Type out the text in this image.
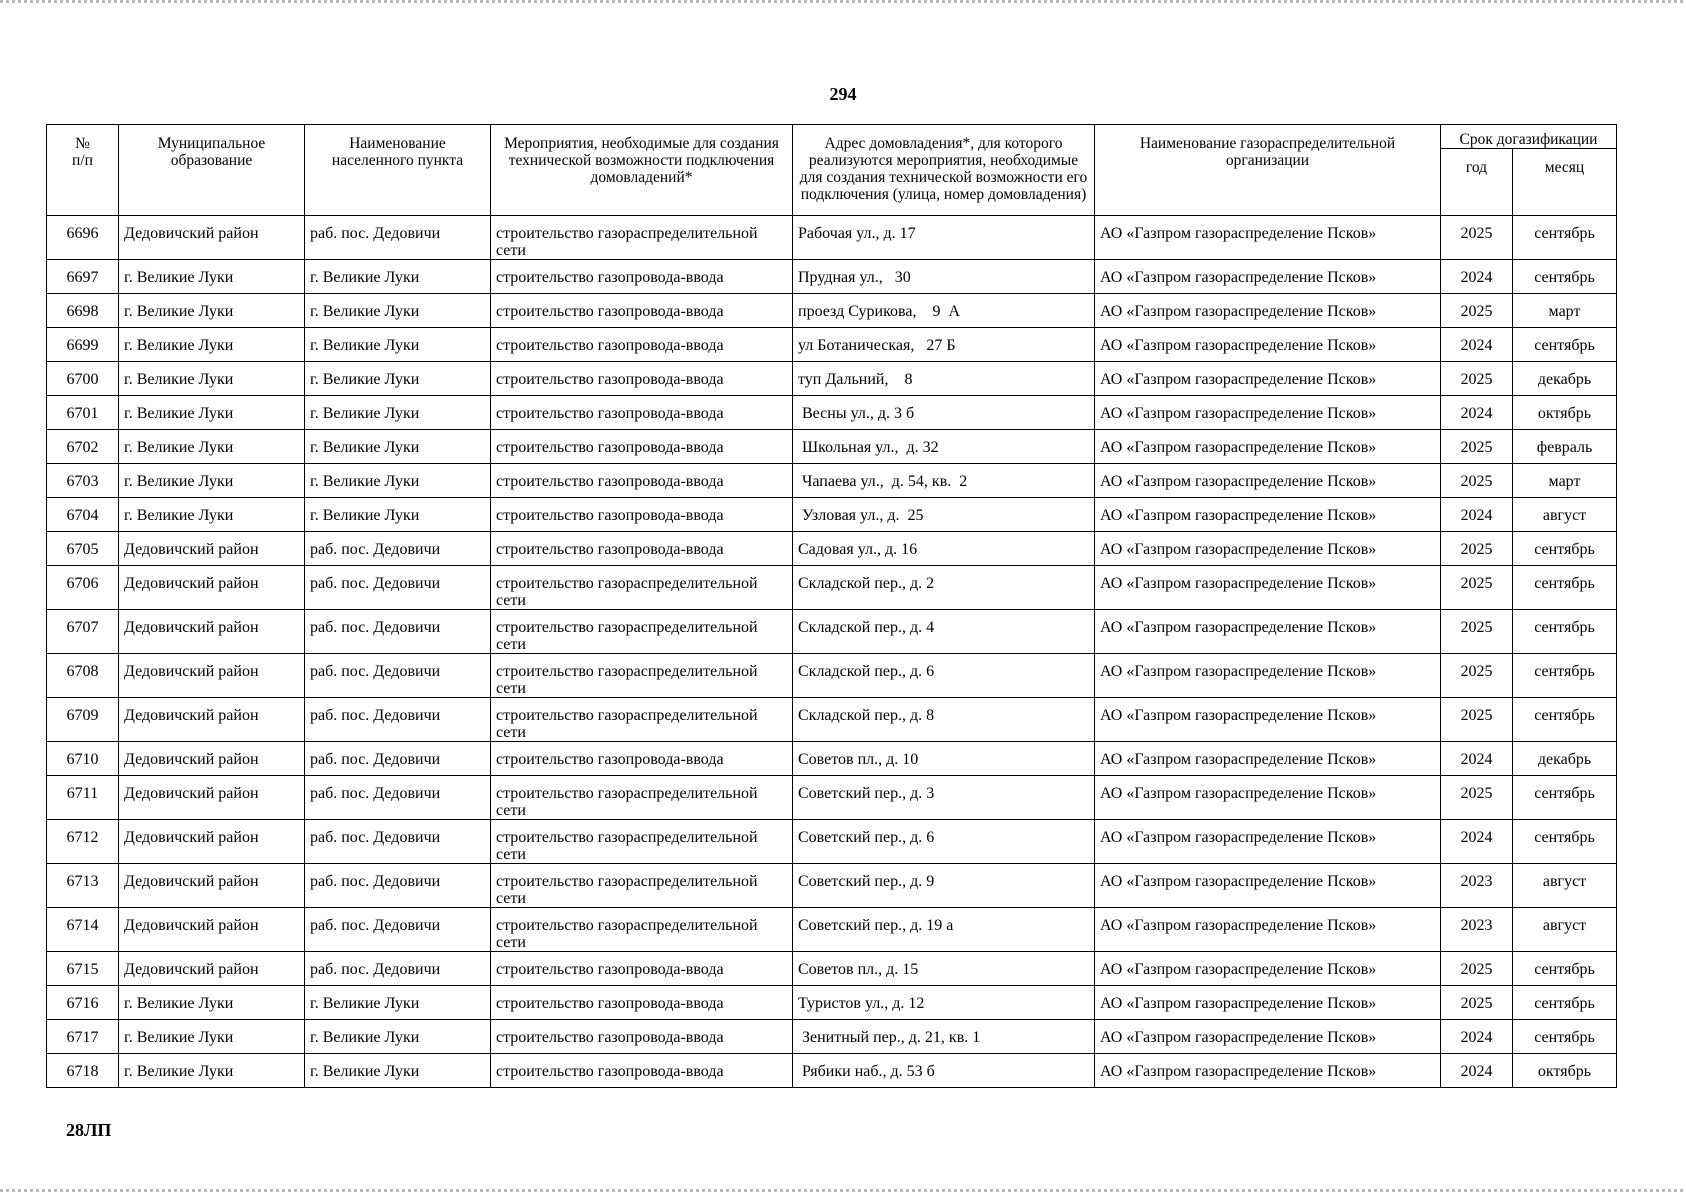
294
№
п/п	Муниципальное образование	Наименование населенного пункта	Мероприятия, необходимые для создания технической возможности подключения домовладений*	Адрес домовладения*, для которого реализуются мероприятия, необходимые для создания технической возможности его подключения (улица, номер домовладения)	Наименование газораспределительной организации	Срок догазификации	
						год	месяц
6696	Дедовичский район	раб. пос. Дедовичи	строительство газораспределительной сети	Рабочая ул., д. 17	АО «Газпром газораспределение Псков»	2025	сентябрь
6697	г. Великие Луки	г. Великие Луки	строительство газопровода-ввода	Прудная ул.,   30	АО «Газпром газораспределение Псков»	2024	сентябрь
6698	г. Великие Луки	г. Великие Луки	строительство газопровода-ввода	проезд Сурикова,    9  А	АО «Газпром газораспределение Псков»	2025	март
6699	г. Великие Луки	г. Великие Луки	строительство газопровода-ввода	ул Ботаническая,   27 Б	АО «Газпром газораспределение Псков»	2024	сентябрь
6700	г. Великие Луки	г. Великие Луки	строительство газопровода-ввода	туп Дальний,    8	АО «Газпром газораспределение Псков»	2025	декабрь
6701	г. Великие Луки	г. Великие Луки	строительство газопровода-ввода	Весны ул., д. 3 б	АО «Газпром газораспределение Псков»	2024	октябрь
6702	г. Великие Луки	г. Великие Луки	строительство газопровода-ввода	Школьная ул.,  д. 32	АО «Газпром газораспределение Псков»	2025	февраль
6703	г. Великие Луки	г. Великие Луки	строительство газопровода-ввода	Чапаева ул.,  д. 54, кв.  2	АО «Газпром газораспределение Псков»	2025	март
6704	г. Великие Луки	г. Великие Луки	строительство газопровода-ввода	Узловая ул., д.  25	АО «Газпром газораспределение Псков»	2024	август
6705	Дедовичский район	раб. пос. Дедовичи	строительство газопровода-ввода	Садовая ул., д. 16	АО «Газпром газораспределение Псков»	2025	сентябрь
6706	Дедовичский район	раб. пос. Дедовичи	строительство газораспределительной сети	Складской пер., д. 2	АО «Газпром газораспределение Псков»	2025	сентябрь
6707	Дедовичский район	раб. пос. Дедовичи	строительство газораспределительной сети	Складской пер., д. 4	АО «Газпром газораспределение Псков»	2025	сентябрь
6708	Дедовичский район	раб. пос. Дедовичи	строительство газораспределительной сети	Складской пер., д. 6	АО «Газпром газораспределение Псков»	2025	сентябрь
6709	Дедовичский район	раб. пос. Дедовичи	строительство газораспределительной сети	Складской пер., д. 8	АО «Газпром газораспределение Псков»	2025	сентябрь
6710	Дедовичский район	раб. пос. Дедовичи	строительство газопровода-ввода	Советов пл., д. 10	АО «Газпром газораспределение Псков»	2024	декабрь
6711	Дедовичский район	раб. пос. Дедовичи	строительство газораспределительной сети	Советский пер., д. 3	АО «Газпром газораспределение Псков»	2025	сентябрь
6712	Дедовичский район	раб. пос. Дедовичи	строительство газораспределительной сети	Советский пер., д. 6	АО «Газпром газораспределение Псков»	2024	сентябрь
6713	Дедовичский район	раб. пос. Дедовичи	строительство газораспределительной сети	Советский пер., д. 9	АО «Газпром газораспределение Псков»	2023	август
6714	Дедовичский район	раб. пос. Дедовичи	строительство газораспределительной сети	Советский пер., д. 19 а	АО «Газпром газораспределение Псков»	2023	август
6715	Дедовичский район	раб. пос. Дедовичи	строительство газопровода-ввода	Советов пл., д. 15	АО «Газпром газораспределение Псков»	2025	сентябрь
6716	г. Великие Луки	г. Великие Луки	строительство газопровода-ввода	Туристов ул., д. 12	АО «Газпром газораспределение Псков»	2025	сентябрь
6717	г. Великие Луки	г. Великие Луки	строительство газопровода-ввода	Зенитный пер., д. 21, кв. 1	АО «Газпром газораспределение Псков»	2024	сентябрь
6718	г. Великие Луки	г. Великие Луки	строительство газопровода-ввода	Рябики наб., д. 53 б	АО «Газпром газораспределение Псков»	2024	октябрь
28ЛП
